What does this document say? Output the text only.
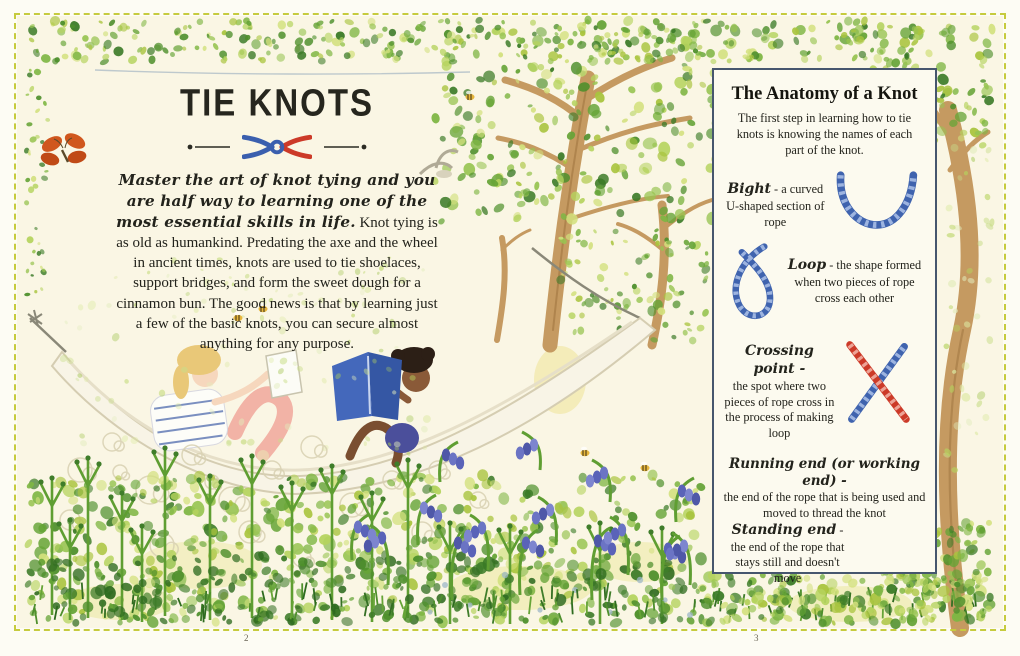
TIE KNOTS

Master the art of knot tying and you are half way to learning one of the most essential skills in life. Knot tying is as old as humankind. Predating the axe and the wheel in ancient times, knots are used to tie shoelaces, support bridges, and form the sweet dough for a cinnamon bun. The good news is that by learning just a few of the basic knots, you can secure almost anything for any purpose.

The Anatomy of a Knot

The first step in learning how to tie knots is knowing the names of each part of the knot.

Bight - a curved U-shaped section of rope

Loop - the shape formed when two pieces of rope cross each other

Crossing point -
the spot where two pieces of rope cross in the process of making loop

Running end (or working end) -
the end of the rope that is being used and moved to thread the knot

Standing end - the end of the rope that stays still and doesn't move

2	3
